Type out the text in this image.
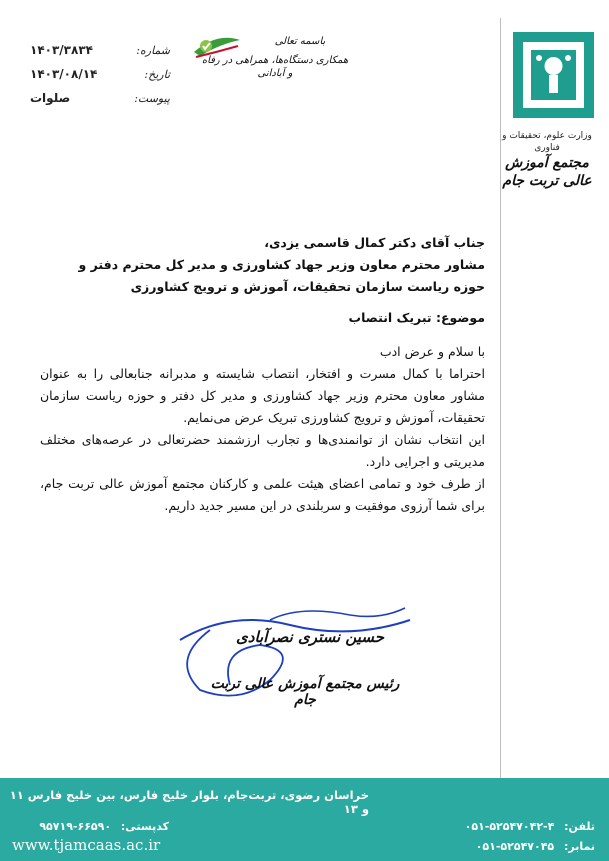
وزارت علوم، تحقیقات و فناوری
مجتمع آموزش عالی تربت جام
شماره:
۱۴۰۳/۳۸۳۴
تاریخ:
۱۴۰۳/۰۸/۱۴
پیوست:
صلوات
باسمه تعالی
همکاری دستگاه‌ها، همراهی در رفاه و آبادانی

جناب آقای دکتر کمال قاسمی یزدی،

مشاور محترم معاون وزیر جهاد کشاورزی و مدیر کل محترم دفتر و

حوزه ریاست سازمان تحقیقات، آموزش و ترویج کشاورزی

موضوع: تبریک انتصاب

با سلام و عرض ادب

احتراما با کمال مسرت و افتخار، انتصاب شایسته و مدبرانه جنابعالی را به عنوان مشاور معاون محترم وزیر جهاد کشاورزی و مدیر کل دفتر و حوزه ریاست سازمان تحقیقات، آموزش و ترویج کشاورزی تبریک عرض می‌نمایم.

این انتخاب نشان از توانمندی‌ها و تجارب ارزشمند حضرتعالی در عرصه‌های مختلف مدیریتی و اجرایی دارد.

از طرف خود و تمامی اعضای هیئت علمی و کارکنان مجتمع آموزش عالی تربت جام، برای شما آرزوی موفقیت و سربلندی در این مسیر جدید داریم.

حسین نستری نصرآبادی
رئیس مجتمع آموزش عالی تربت جام
خراسان رضوی، تربت‌جام، بلوار خلیج فارس، بین خلیج فارس ۱۱ و ۱۳
تلفن: ۰۵۱-۵۲۵۴۷۰۴۲-۴
نمابر: ۰۵۱-۵۲۵۴۷۰۴۵
کدپستی: ۹۵۷۱۹-۶۶۵۹۰
www.tjamcaas.ac.ir
